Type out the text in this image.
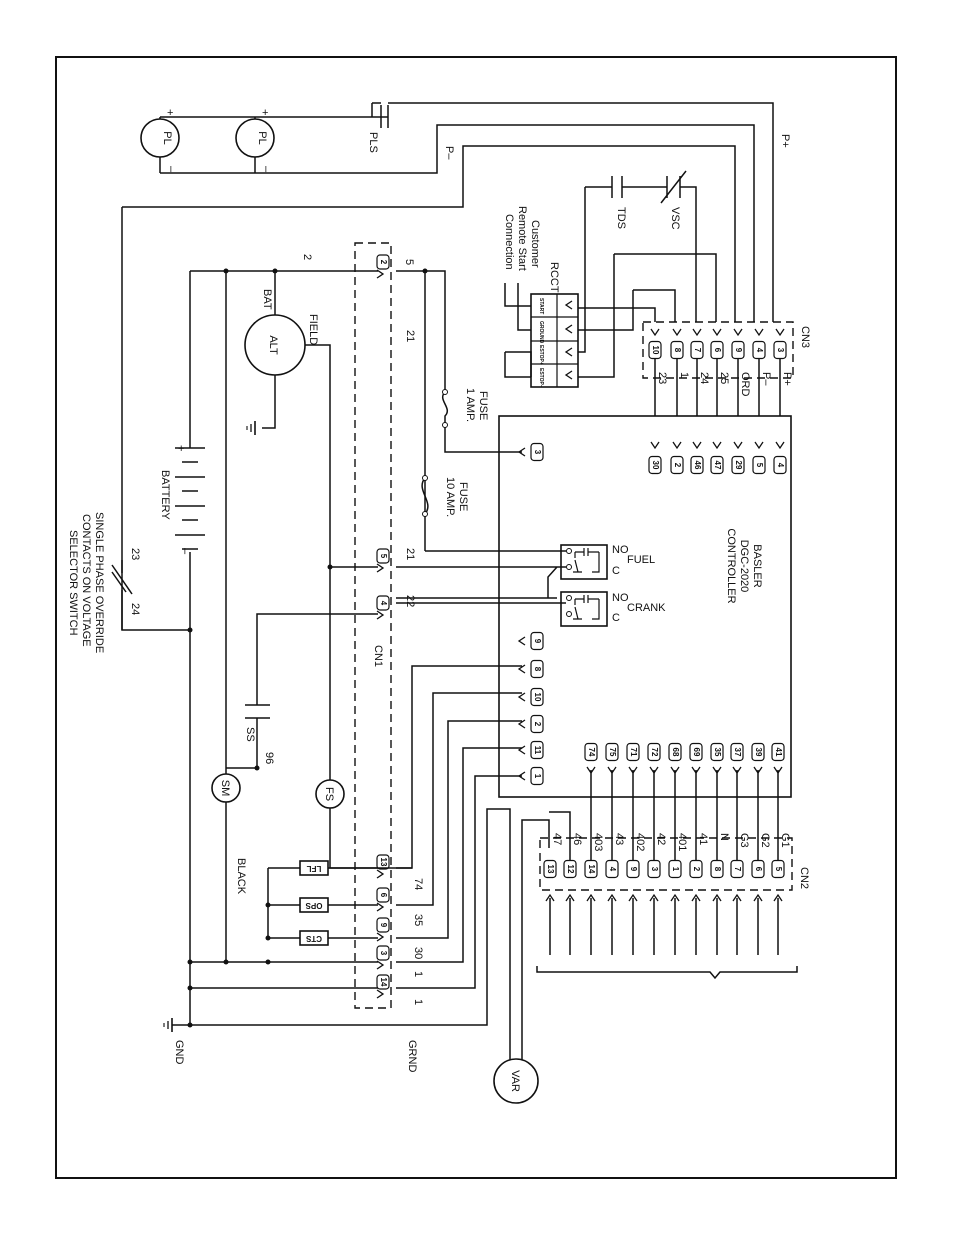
PL	PL
+	+
–	–
PLS	P+
P–
TDS	VSC
START
GROUND
ESTOP+
ESTOP–
RCCT
Customer
Remote Start
Connection
CN3
3
P+
4
P–
9
ORD
6
25
7
24
8
1
10
23
BASLER
DGC-2020
CONTROLLER
4
5
29
47
46
2
30
3
9
8
10
2
11
1
74 75 71 72 68 69 35 37 39 41
NO
FUEL
C
NO
CRANK
C
CN1
2
5
4
13
6
9
3
14
74
35
30
1
1
ALT
BAT
FIELD
2
+
–
BATTERY
23
24
SINGLE PHASE OVERRIDE
CONTACTS ON VOLTAGE
SELECTOR SWITCH
FUSE
1 AMP.
FUSE
10 AMP.
5
21
21
22
FS
SS
96
SM
BLACK	LFL
OPS
CTS
GND	GRND
VAR
CN2
13
47
12
46
14
403
4
43
9
402
3
42
1
401
2
41
8
N
7
G3
6
G2
5
G1
